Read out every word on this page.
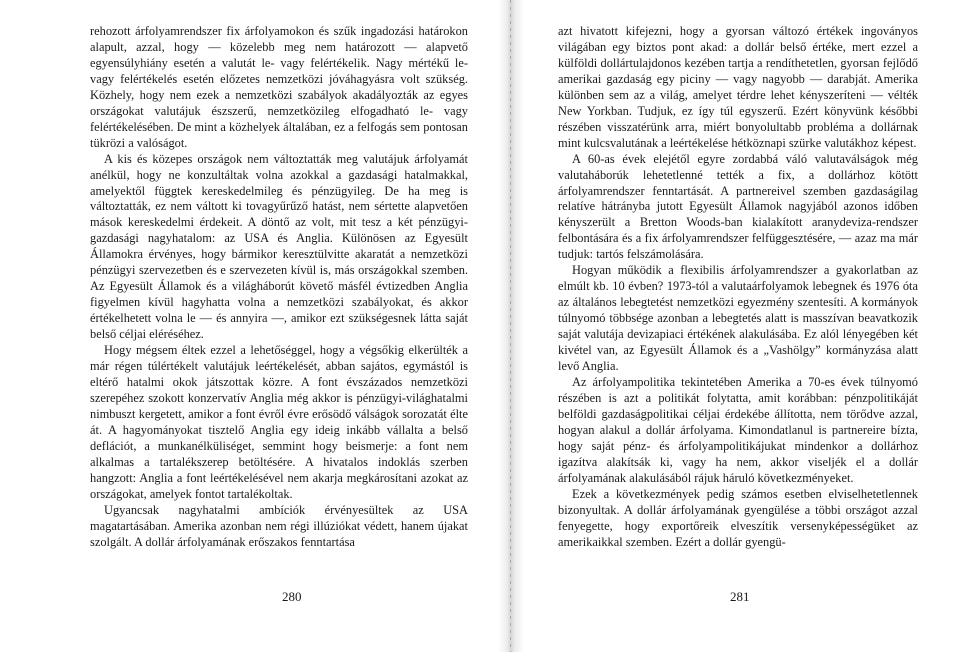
rehozott árfolyamrendszer fix árfolyamokon és szűk ingadozási határokon alapult, azzal, hogy — közelebb meg nem határozott — alapvető egyensúlyhiány esetén a valutát le- vagy felértékelik. Nagy mértékű le- vagy felértékelés esetén előzetes nemzetközi jóváhagyásra volt szükség. Közhely, hogy nem ezek a nemzetközi szabályok akadályozták az egyes országokat valutájuk észszerű, nemzetközileg elfogadható le- vagy felértékelésében. De mint a közhelyek általában, ez a felfogás sem pontosan tükrözi a valóságot.

A kis és közepes országok nem változtatták meg valutájuk árfolyamát anélkül, hogy ne konzultáltak volna azokkal a gazdasági hatalmakkal, amelyektől függtek kereskedelmileg és pénzügyileg. De ha meg is változtatták, ez nem váltott ki tovagyűrűző hatást, nem sértette alapvetően mások kereskedelmi érdekeit. A döntő az volt, mit tesz a két pénzügyi-gazdasági nagyhatalom: az USA és Anglia. Különösen az Egyesült Államokra érvényes, hogy bármikor keresztülvitte akaratát a nemzetközi pénzügyi szervezetben és e szervezeten kívül is, más országokkal szemben. Az Egyesült Államok és a világháborút követő másfél évtizedben Anglia figyelmen kívül hagyhatta volna a nemzetközi szabályokat, és akkor értékelhetett volna le — és annyira —, amikor ezt szükségesnek látta saját belső céljai eléréséhez.

Hogy mégsem éltek ezzel a lehetőséggel, hogy a végsőkig elkerülték a már régen túlértékelt valutájuk leértékelését, abban sajátos, egymástól is eltérő hatalmi okok játszottak közre. A font évszázados nemzetközi szerepéhez szokott konzervatív Anglia még akkor is pénzügyi-világhatalmi nimbuszt kergetett, amikor a font évről évre erősödő válságok sorozatát élte át. A hagyományokat tisztelő Anglia egy ideig inkább vállalta a belső deflációt, a munkanélküliséget, semmint hogy beismerje: a font nem alkalmas a tartalékszerep betöltésére. A hivatalos indoklás szerben hangzott: Anglia a font leértékelésével nem akarja megkárosítani azokat az országokat, amelyek fontot tartalékoltak.

Ugyancsak nagyhatalmi ambíciók érvényesültek az USA magatartásában. Amerika azonban nem régi illúziókat védett, hanem újakat szolgált. A dollár árfolyamának erőszakos fenntartása

280

azt hivatott kifejezni, hogy a gyorsan változó értékek ingoványos világában egy biztos pont akad: a dollár belső értéke, mert ezzel a külföldi dollártulajdonos kezében tartja a rendíthetetlen, gyorsan fejlődő amerikai gazdaság egy piciny — vagy nagyobb — darabját. Amerika különben sem az a világ, amelyet térdre lehet kényszeríteni — vélték New Yorkban. Tudjuk, ez így túl egyszerű. Ezért könyvünk későbbi részében visszatérünk arra, miért bonyolultabb probléma a dollárnak mint kulcsvalutának a leértékelése hétköznapi szürke valutákhoz képest.

A 60-as évek elejétől egyre zordabbá váló valutaválságok még valutaháborúk lehetetlenné tették a fix, a dollárhoz kötött árfolyamrendszer fenntartását. A partnereivel szemben gazdaságilag relatíve hátrányba jutott Egyesült Államok nagyjából azonos időben kényszerült a Bretton Woods-ban kialakított aranydeviza-rendszer felbontására és a fix árfolyamrendszer felfüggesztésére, — azaz ma már tudjuk: tartós felszámolására.

Hogyan működik a flexibilis árfolyamrendszer a gyakorlatban az elmúlt kb. 10 évben? 1973-tól a valutaárfolyamok lebegnek és 1976 óta az általános lebegtetést nemzetközi egyezmény szentesíti. A kormányok túlnyomó többsége azonban a lebegtetés alatt is masszívan beavatkozik saját valutája devizapiaci értékének alakulásába. Ez alól lényegében két kivétel van, az Egyesült Államok és a „Vashölgy” kormányzása alatt levő Anglia.

Az árfolyampolitika tekintetében Amerika a 70-es évek túlnyomó részében is azt a politikát folytatta, amit korábban: pénzpolitikáját belföldi gazdaságpolitikai céljai érdekébe állította, nem törődve azzal, hogyan alakul a dollár árfolyama. Kimondatlanul is partnereire bízta, hogy saját pénz- és árfolyampolitikájukat mindenkor a dollárhoz igazítva alakítsák ki, vagy ha nem, akkor viseljék el a dollár árfolyamának alakulásából rájuk háruló következményeket.

Ezek a következmények pedig számos esetben elviselhetetlennek bizonyultak. A dollár árfolyamának gyengülése a többi országot azzal fenyegette, hogy exportőreik elveszítik versenyképességüket az amerikaikkal szemben. Ezért a dollár gyengü-

281
